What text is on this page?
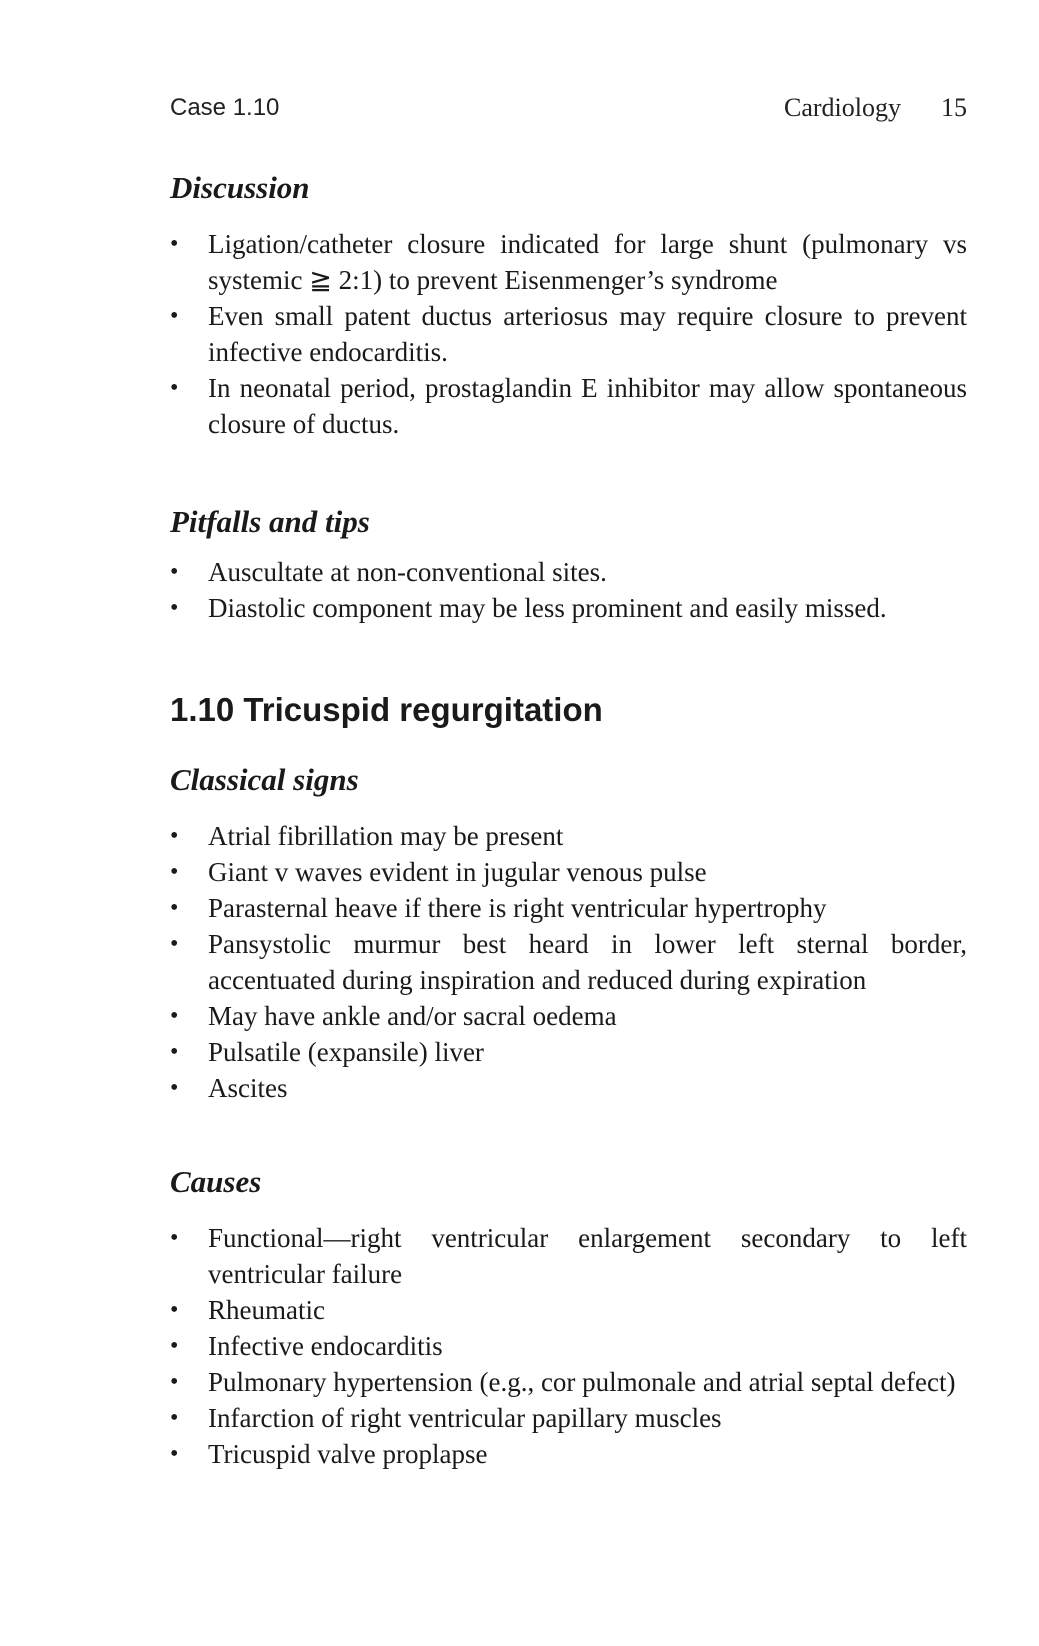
Case 1.10	Cardiology 15
Discussion
• Ligation/catheter closure indicated for large shunt (pulmonary vs systemic ≧ 2:1) to prevent Eisenmenger’s syndrome
• Even small patent ductus arteriosus may require closure to prevent infective endocarditis.
• In neonatal period, prostaglandin E inhibitor may allow spontaneous closure of ductus.
Pitfalls and tips
• Auscultate at non-conventional sites.
• Diastolic component may be less prominent and easily missed.
1.10 Tricuspid regurgitation
Classical signs
• Atrial fibrillation may be present
• Giant v waves evident in jugular venous pulse
• Parasternal heave if there is right ventricular hypertrophy
• Pansystolic murmur best heard in lower left sternal border, accentuated during inspiration and reduced during expiration
• May have ankle and/or sacral oedema
• Pulsatile (expansile) liver
• Ascites
Causes
• Functional—right ventricular enlargement secondary to left ventricular failure
• Rheumatic
• Infective endocarditis
• Pulmonary hypertension (e.g., cor pulmonale and atrial septal defect)
• Infarction of right ventricular papillary muscles
• Tricuspid valve proplapse
